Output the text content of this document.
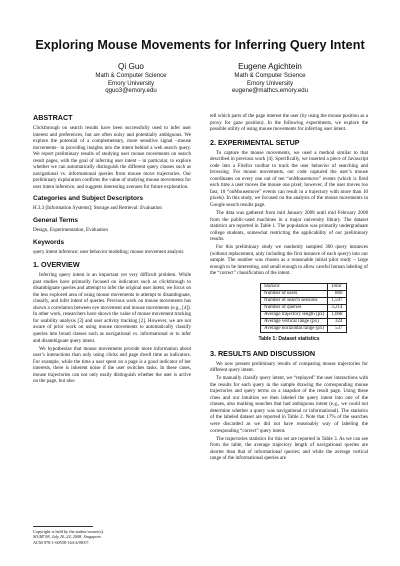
Exploring Mouse Movements for Inferring Query Intent
Qi Guo
Math & Computer Science
Emory University
qguo3@emory.edu
Eugene Agichtein
Math & Computer Science
Emory University
eugene@mathcs.emory.edu
ABSTRACT

Clickthrough on search results have been successfully used to infer user interest and preferences, but are often noisy and potentially ambiguous. We explore the potential of a complementary, more sensitive signal –mouse movements– in providing insights into the intent behind a web search query. We report preliminary results of studying user mouse movements on search result pages, with the goal of inferring user intent – in particular, to explore whether we can automatically distinguish the different query classes such as navigational vs. informational queries from mouse move trajectories. Our preliminary exploration confirms the value of studying mouse movements for user intent inference, and suggests interesting avenues for future exploration.

Categories and Subject Descriptors

H.3.3 [Information Systems]: Storage and Retrieval: Evaluation

General Terms

Design, Experimentation, Evaluation

Keywords

query intent inference; user behavior modeling; mouse movement analysis

1. OVERVIEW

Inferring query intent is an important yet very difficult problem. While past studies have primarily focused on indicators such as clickthrough to disambiguate queries and attempt to infer the original user intent, we focus on the less explored area of using mouse movements to attempt to disambiguate, classify, and infer intent of queries. Previous work on mouse movements has shown a correlation between eye movement and mouse movements (e.g., [4]). In other work, researchers have shown the value of mouse movement tracking for usability analysis [3] and user activity tracking [2]. However, we are not aware of prior work on using mouse movements to automatically classify queries into broad classes such as navigational vs. informational or to infer and disambiguate query intent.

We hypothesize that mouse movements provide more information about user’s interactions than only using clicks and page dwell time as indicators. For example, while the time a user spent on a page is a good indicator of her interests, there is inherent noise if the user switches tasks. In these cases, mouse trajectories can not only easily distinguish whether the user is active on the page, but also

Copyright is held by the author/owner(s).
SIGIR’08, July 20–24, 2008, Singapore.
ACM 978-1-60558-164-4/08/07.

tell which parts of the page interest the user (by using the mouse position as a proxy for gaze position). In the following experiments, we explore the possible utility of using mouse movements for inferring user intent.

2. EXPERIMENTAL SETUP

To capture the mouse movements, we used a method similar to that described in previous work [4]. Specifically, we inserted a piece of Javascript code into a Firefox toolbar to track the user behavior of searching and browsing. For mouse movements, our code captured the user’s mouse coordinates on every one out of ten “onMousemove” events (which is fired each time a user moves the mouse one pixel; however, if the user moves too fast, 10 “onMousemove” events can result in a trajectory with more than 10 pixels). In this study, we focused on the analysis of the mouse movements in Google search results page.

The data was gathered from mid January 2008 until mid February 2008 from the public-used machines in a major university library. The dataset statistics are reported in Table 1. The population was primarily undergraduate college students, somewhat restricting the applicability of our preliminary results.

For this preliminary study we randomly sampled 300 query instances (without replacement, only including the first instance of each query) into our sample. The number was chosen as a reasonable initial pilot study – large enough to be interesting, and small enough to allow careful human labeling of the “correct” classification of the intent.

Statistic	Total
Number of users	860
Number of search sessions	1,597
Number of queries	3,214
Average trajectory length (px)	1,068
Average vertical range (px)	324
Average horizontal range (px)	537
Table 1: Dataset statistics
3. RESULTS AND DISCUSSION

We now present preliminary results of comparing mouse trajectories for different query intent.

To manually classify query intent, we “replayed” the user interactions with the results for each query in the sample drawing the corresponding mouse trajectories and query terms on a snapshot of the result page. Using these clues and our intuition we then labeled the query intent into one of the classes, also marking searches that had ambiguous intent (e.g., we could not determine whether a query was navigational or informational). The statistics of the labeled dataset are reported in Table 2. Note that 17% of the searches were discarded as we did not have reasonably way of labeling the corresponding “correct” query intent.

The trajectories statistics for this set are reported in Table 3. As we can see from the table, the average trajectory length of navigational queries are shorter than that of informational queries; and while the average vertical range of the informational queries are
